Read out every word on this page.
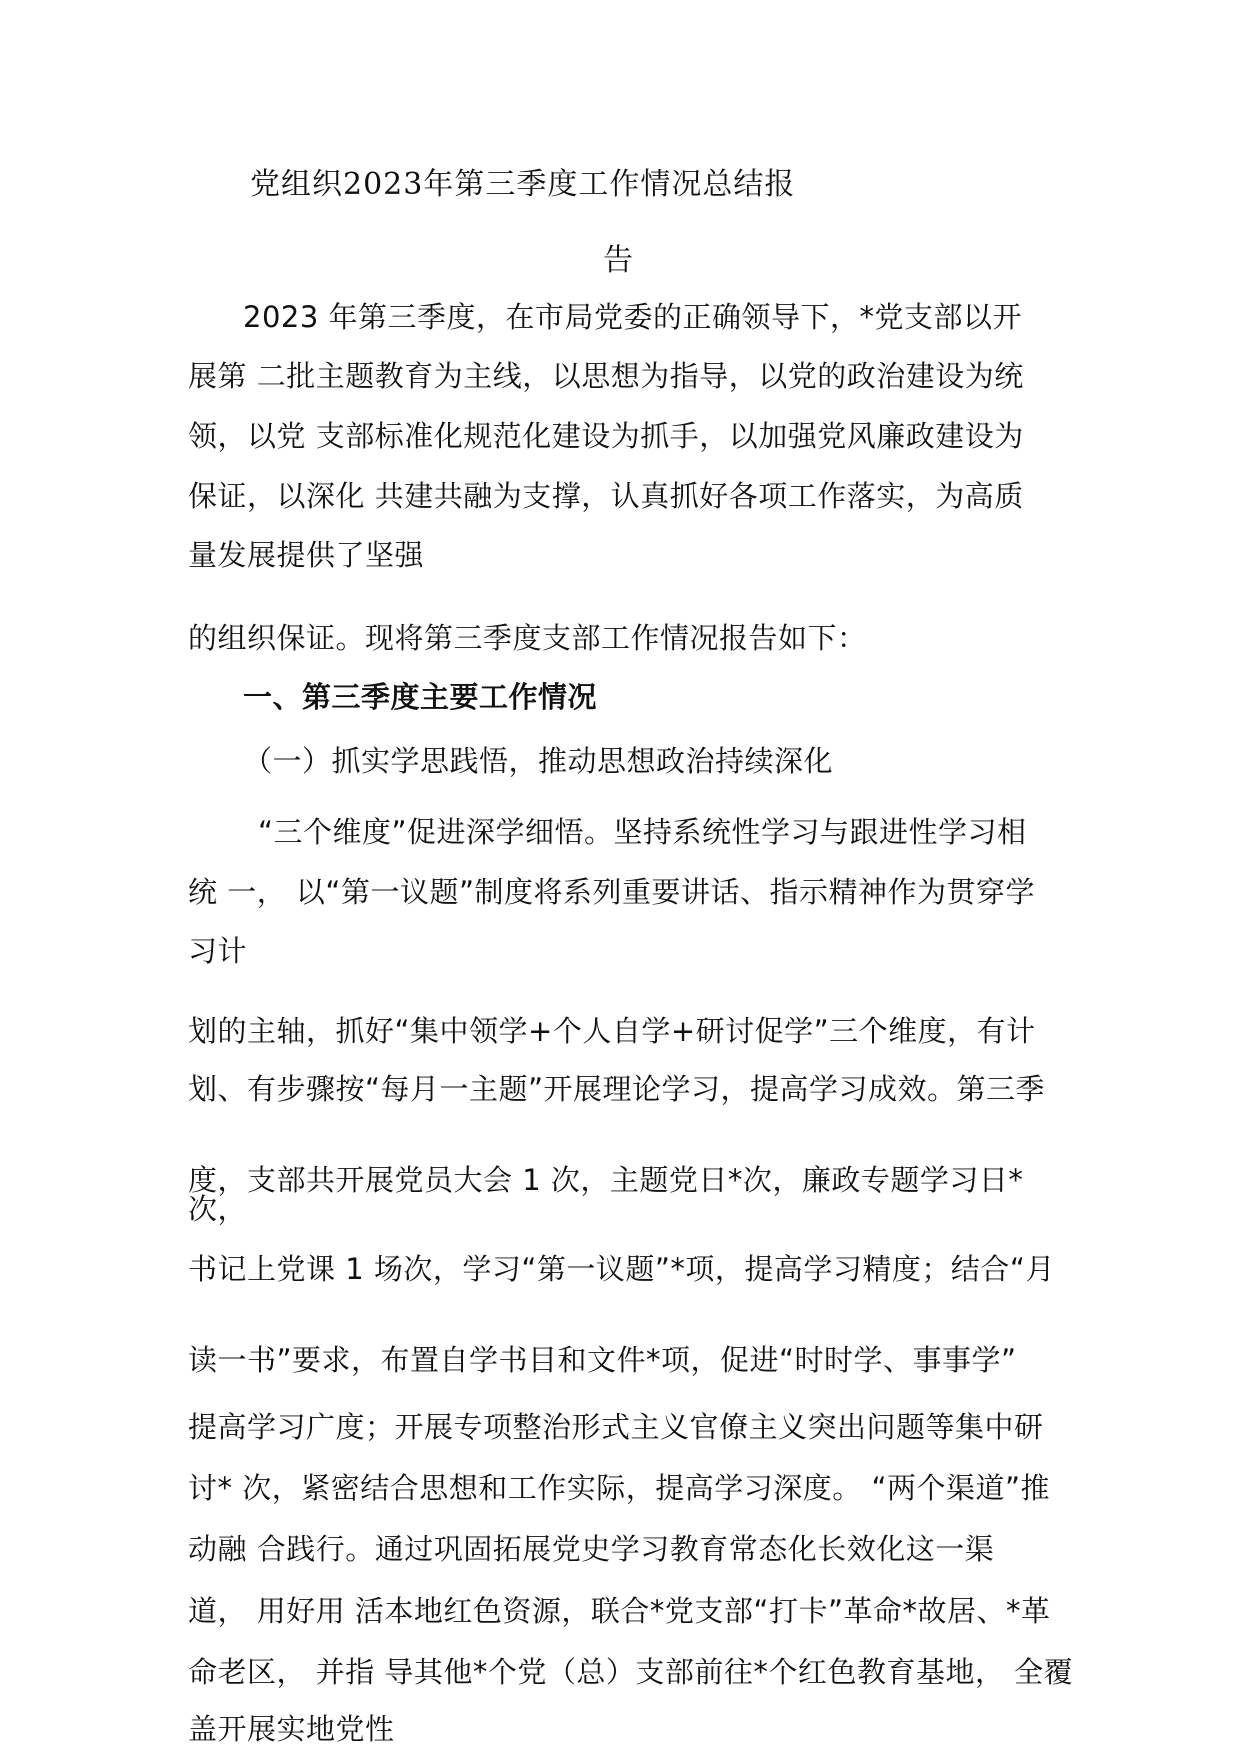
党组织2023年第三季度工作情况总结报
告
2023 年第三季度，在市局党委的正确领导下，*党支部以开
展第 二批主题教育为主线，以思想为指导，以党的政治建设为统
领，以党 支部标准化规范化建设为抓手，以加强党风廉政建设为
保证，以深化 共建共融为支撑，认真抓好各项工作落实，为高质
量发展提供了坚强
的组织保证。现将第三季度支部工作情况报告如下：
一、第三季度主要工作情况
（一）抓实学思践悟，推动思想政治持续深化
“三个维度”促进深学细悟。坚持系统性学习与跟进性学习相
统 一， 以“第一议题”制度将系列重要讲话、指示精神作为贯穿学
习计
划的主轴，抓好“集中领学+个人自学+研讨促学”三个维度，有计
划、有步骤按“每月一主题”开展理论学习，提高学习成效。第三季
度，支部共开展党员大会 1 次，主题党日*次，廉政专题学习日*
次，
书记上党课 1 场次，学习“第一议题”*项，提高学习精度；结合“月
读一书”要求，布置自学书目和文件*项，促进“时时学、事事学”
提高学习广度；开展专项整治形式主义官僚主义突出问题等集中研
讨* 次，紧密结合思想和工作实际，提高学习深度。 “两个渠道”推
动融 合践行。通过巩固拓展党史学习教育常态化长效化这一渠
道， 用好用 活本地红色资源，联合*党支部“打卡”革命*故居、*革
命老区， 并指 导其他*个党（总）支部前往*个红色教育基地， 全覆
盖开展实地党性
